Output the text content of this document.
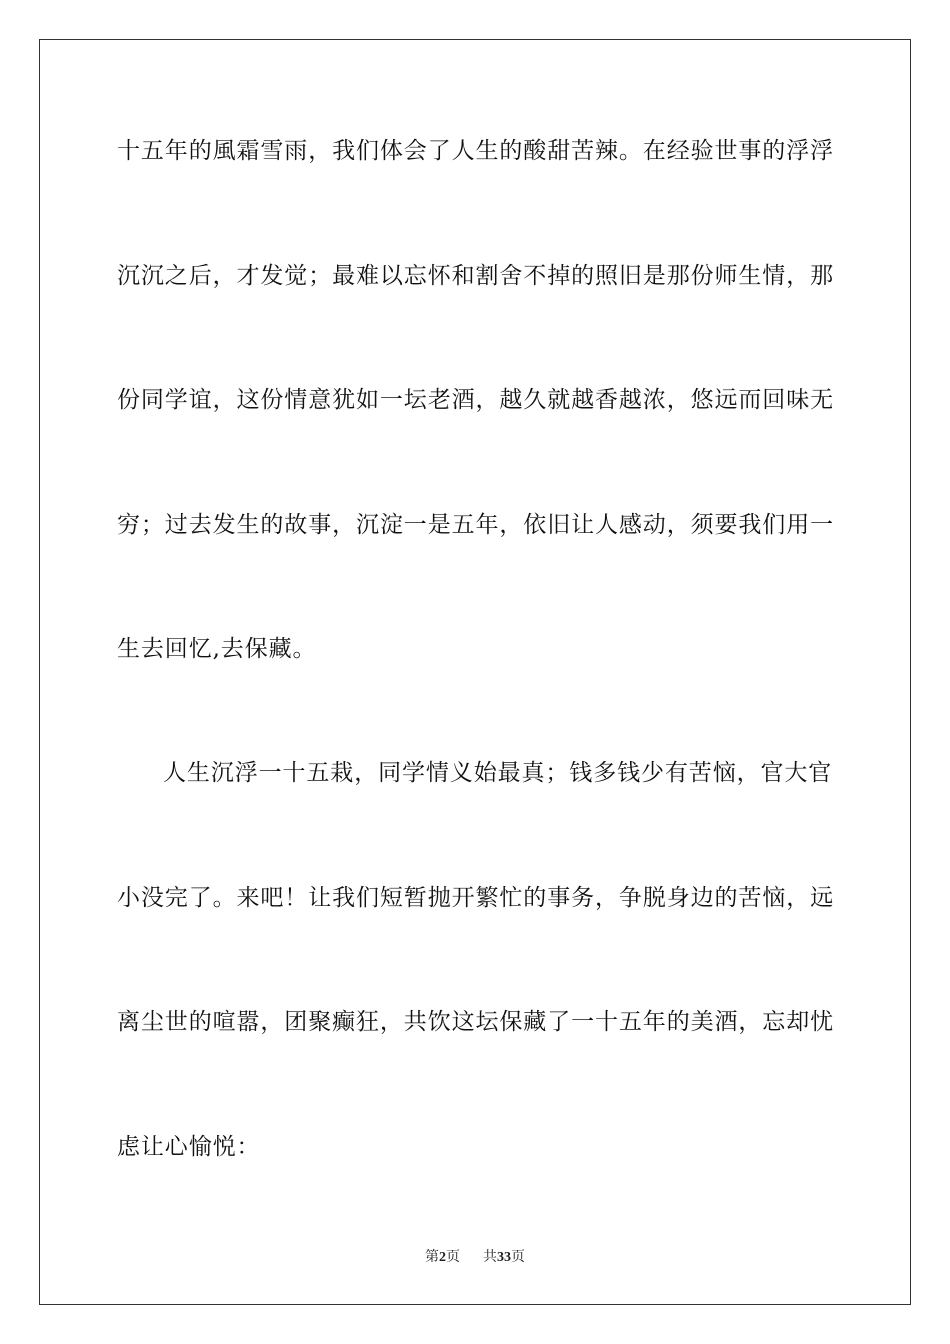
十五年的風霜雪雨，我们体会了人生的酸甜苦辣。在经验世事的浮浮
沉沉之后，才发觉；最难以忘怀和割舍不掉的照旧是那份师生情，那
份同学谊，这份情意犹如一坛老酒，越久就越香越浓，悠远而回味无
穷；过去发生的故事，沉淀一是五年，依旧让人感动，须要我们用一
生去回忆,去保藏。
人生沉浮一十五栽，同学情义始最真；钱多钱少有苦恼，官大官
小没完了。来吧！让我们短暂抛开繁忙的事务，争脱身边的苦恼，远
离尘世的喧嚣，团聚癫狂，共饮这坛保藏了一十五年的美酒，忘却忧
虑让心愉悦：
第2页 共33页
